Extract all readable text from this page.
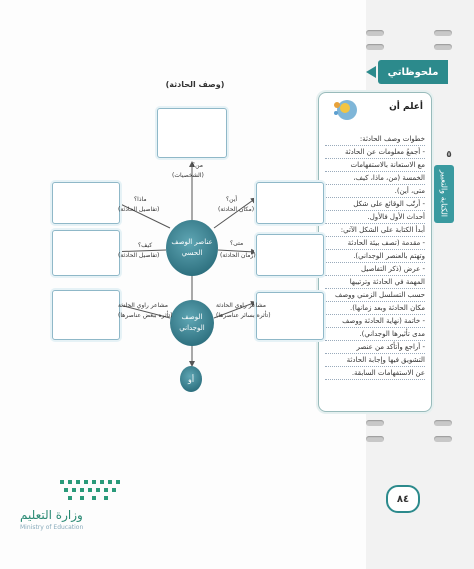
ملحوظاتي
٥
الكتابة والتعبير
أعلم أن

خطوات وصف الحادثة:

- أجمعُ معلومات عن الحادثة

مع الاستعانة بالاستفهامات

الخمسة (من، ماذا، كيف،

متى، أين).

- أرتّب الوقائع على شكل

أحداث الأول فالأول.

أبدأ الكتابة على الشكل الآتي:

- مقدمة (تصف بيئة الحادثة

وتهتم بالعنصر الوجداني).

- عرض (ذكر التفاصيل

المهمة في الحادثة وترتيبها

حسب التسلسل الزمني ووصف

مكان الحادثة وبعد زمانها).

- خاتمة (نهاية الحادثة ووصف

مدى تأثيرها الوجداني).

- أراجع وأتأكد من عنصر

التشويق فيها وإجابة الحادثة

عن الاستفهامات السابقة.

(وصف الحادثة)
عناصر الوصف الحسي
الوصف الوجداني
أو
من؟
(الشخصيات)
ماذا؟
(تفاصيل الحادثة)
أين؟
(مكان الحادثة)
كيف؟
(تفاصيل الحادثة)
متى؟
(زمان الحادثة)
مشاعر راوي الحادثة
(تأثره ببعض عناصرها)
مشاعر راوي الحادثة
(تأثره بسائر عناصرها)
وزارة التعليم
Ministry of Education
٨٤
